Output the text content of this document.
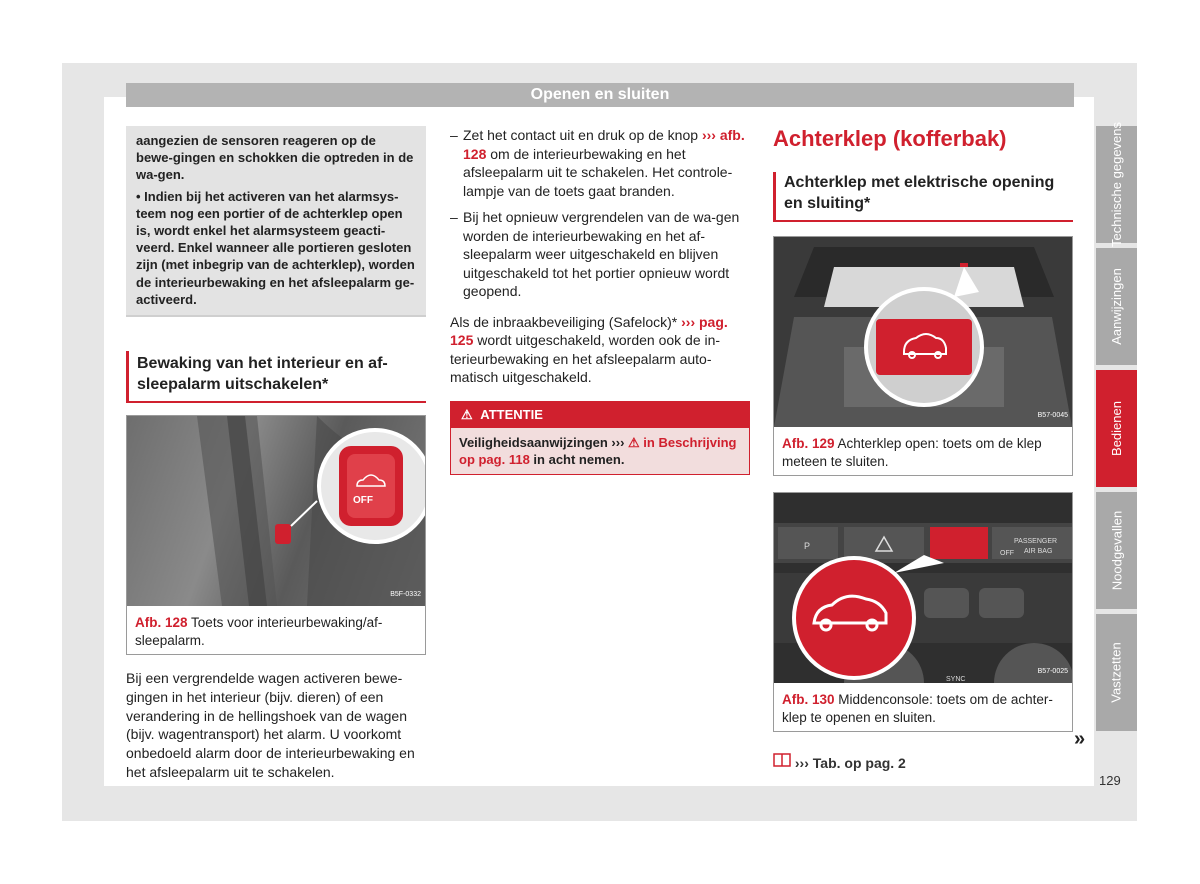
Openen en sluiten

aangezien de sensoren reageren op de bewe-gingen en schokken die optreden in de wa-gen.

• Indien bij het activeren van het alarmsys-teem nog een portier of de achterklep open is, wordt enkel het alarmsysteem geacti-veerd. Enkel wanneer alle portieren gesloten zijn (met inbegrip van de achterklep), worden de interieurbewaking en het afsleepalarm ge-activeerd.

Bewaking van het interieur en af-sleepalarm uitschakelen*
OFF
B5F-0332
Afb. 128 Toets voor interieurbewaking/af-sleepalarm.
Bij een vergrendelde wagen activeren bewe-gingen in het interieur (bijv. dieren) of een verandering in de hellingshoek van de wagen (bijv. wagentransport) het alarm. U voorkomt onbedoeld alarm door de interieurbewaking en het afsleepalarm uit te schakelen.
– Zet het contact uit en druk op de knop ››› afb. 128 om de interieurbewaking en het afsleepalarm uit te schakelen. Het controle-lampje van de toets gaat branden.
– Bij het opnieuw vergrendelen van de wa-gen worden de interieurbewaking en het af-sleepalarm weer uitgeschakeld en blijven uitgeschakeld tot het portier opnieuw wordt geopend.
Als de inbraakbeveiliging (Safelock)* ››› pag. 125 wordt uitgeschakeld, worden ook de in-terieurbewaking en het afsleepalarm auto-matisch uitgeschakeld.
⚠ ATTENTIE
Veiligheidsaanwijzingen ››› ⚠ in Beschrijving op pag. 118 in acht nemen.
Achterklep (kofferbak)
Achterklep met elektrische opening en sluiting*
B57-0045
Afb. 129 Achterklep open: toets om de klep meteen te sluiten.
P	PASSENGER
AIR BAG
OFF
SYNC
B57-0025
Afb. 130 Middenconsole: toets om de achter-klep te openen en sluiten.
››› Tab. op pag. 2
»
Technische gegevens
Aanwijzingen
Bedienen
Noodgevallen
Vastzetten
129
